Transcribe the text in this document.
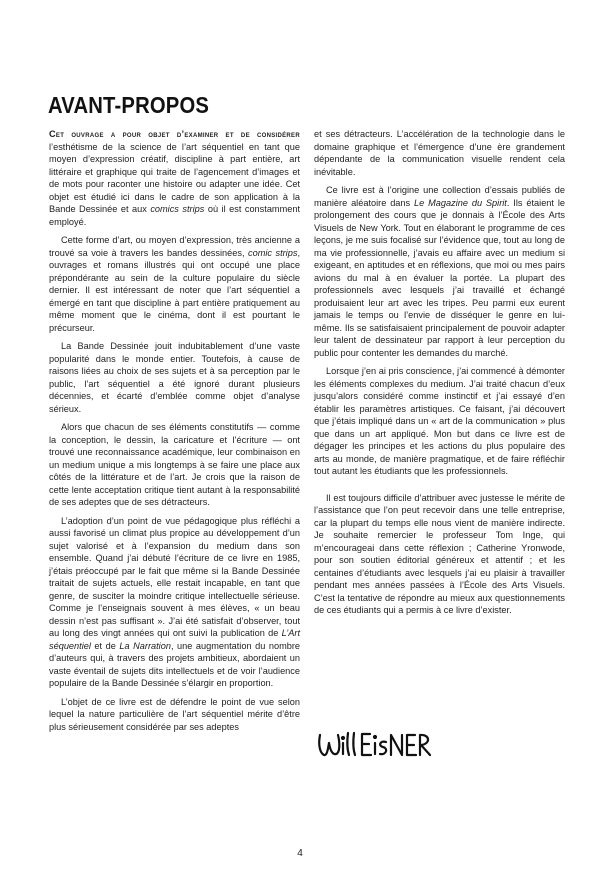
AVANT-PROPOS

Cet ouvrage a pour objet d’examiner et de considérer l’esthétisme de la science de l’art séquentiel en tant que moyen d’expression créatif, discipline à part entière, art littéraire et graphique qui traite de l’agencement d’images et de mots pour raconter une histoire ou adapter une idée. Cet objet est étudié ici dans le cadre de son application à la Bande Dessinée et aux comics strips où il est constamment employé.

Cette forme d’art, ou moyen d’expression, très ancienne a trouvé sa voie à travers les bandes dessinées, comic strips, ouvrages et romans illustrés qui ont occupé une place prépondérante au sein de la culture populaire du siècle dernier. Il est intéressant de noter que l’art séquentiel a émergé en tant que discipline à part entière pratiquement au même moment que le cinéma, dont il est pourtant le précurseur.

La Bande Dessinée jouit indubitablement d’une vaste popularité dans le monde entier. Toutefois, à cause de raisons liées au choix de ses sujets et à sa perception par le public, l’art séquentiel a été ignoré durant plusieurs décennies, et écarté d’emblée comme objet d’analyse sérieux.

Alors que chacun de ses éléments constitutifs — comme la conception, le dessin, la caricature et l’écriture — ont trouvé une reconnaissance académique, leur combinaison en un medium unique a mis longtemps à se faire une place aux côtés de la littérature et de l’art. Je crois que la raison de cette lente acceptation critique tient autant à la responsabilité de ses adeptes que de ses détracteurs.

L’adoption d’un point de vue pédagogique plus réfléchi a aussi favorisé un climat plus propice au développement d’un sujet valorisé et à l’expansion du medium dans son ensemble. Quand j’ai débuté l’écriture de ce livre en 1985, j’étais préoccupé par le fait que même si la Bande Dessinée traitait de sujets actuels, elle restait incapable, en tant que genre, de susciter la moindre critique intellectuelle sérieuse. Comme je l’enseignais souvent à mes élèves, « un beau dessin n’est pas suffisant ». J’ai été satisfait d’observer, tout au long des vingt années qui ont suivi la publication de L’Art séquentiel et de La Narration, une augmentation du nombre d’auteurs qui, à travers des projets ambitieux, abordaient un vaste éventail de sujets dits intellectuels et de voir l’audience populaire de la Bande Dessinée s’élargir en proportion.

L’objet de ce livre est de défendre le point de vue selon lequel la nature particulière de l’art séquentiel mérite d’être plus sérieusement considérée par ses adeptes

et ses détracteurs. L’accélération de la technologie dans le domaine graphique et l’émergence d’une ère grandement dépendante de la communication visuelle rendent cela inévitable.

Ce livre est à l’origine une collection d’essais publiés de manière aléatoire dans Le Magazine du Spirit. Ils étaient le prolongement des cours que je donnais à l’École des Arts Visuels de New York. Tout en élaborant le programme de ces leçons, je me suis focalisé sur l’évidence que, tout au long de ma vie professionnelle, j’avais eu affaire avec un medium si exigeant, en aptitudes et en réflexions, que moi ou mes pairs avions du mal à en évaluer la portée. La plupart des professionnels avec lesquels j’ai travaillé et échangé produisaient leur art avec les tripes. Peu parmi eux eurent jamais le temps ou l’envie de disséquer le genre en lui-même. Ils se satisfaisaient principalement de pouvoir adapter leur talent de dessinateur par rapport à leur perception du public pour contenter les demandes du marché.

Lorsque j’en ai pris conscience, j’ai commencé à démonter les éléments complexes du medium. J’ai traité chacun d’eux jusqu’alors considéré comme instinctif et j’ai essayé d’en établir les paramètres artistiques. Ce faisant, j’ai découvert que j’étais impliqué dans un « art de la communication » plus que dans un art appliqué. Mon but dans ce livre est de dégager les principes et les actions du plus populaire des arts au monde, de manière pragmatique, et de faire réfléchir tout autant les étudiants que les professionnels.

Il est toujours difficile d’attribuer avec justesse le mérite de l’assistance que l’on peut recevoir dans une telle entreprise, car la plupart du temps elle nous vient de manière indirecte. Je souhaite remercier le professeur Tom Inge, qui m’encourageai dans cette réflexion ; Catherine Yronwode, pour son soutien éditorial généreux et attentif ; et les centaines d’étudiants avec lesquels j’ai eu plaisir à travailler pendant mes années passées à l’École des Arts Visuels. C’est la tentative de répondre au mieux aux questionnements de ces étudiants qui a permis à ce livre d’exister.

4
